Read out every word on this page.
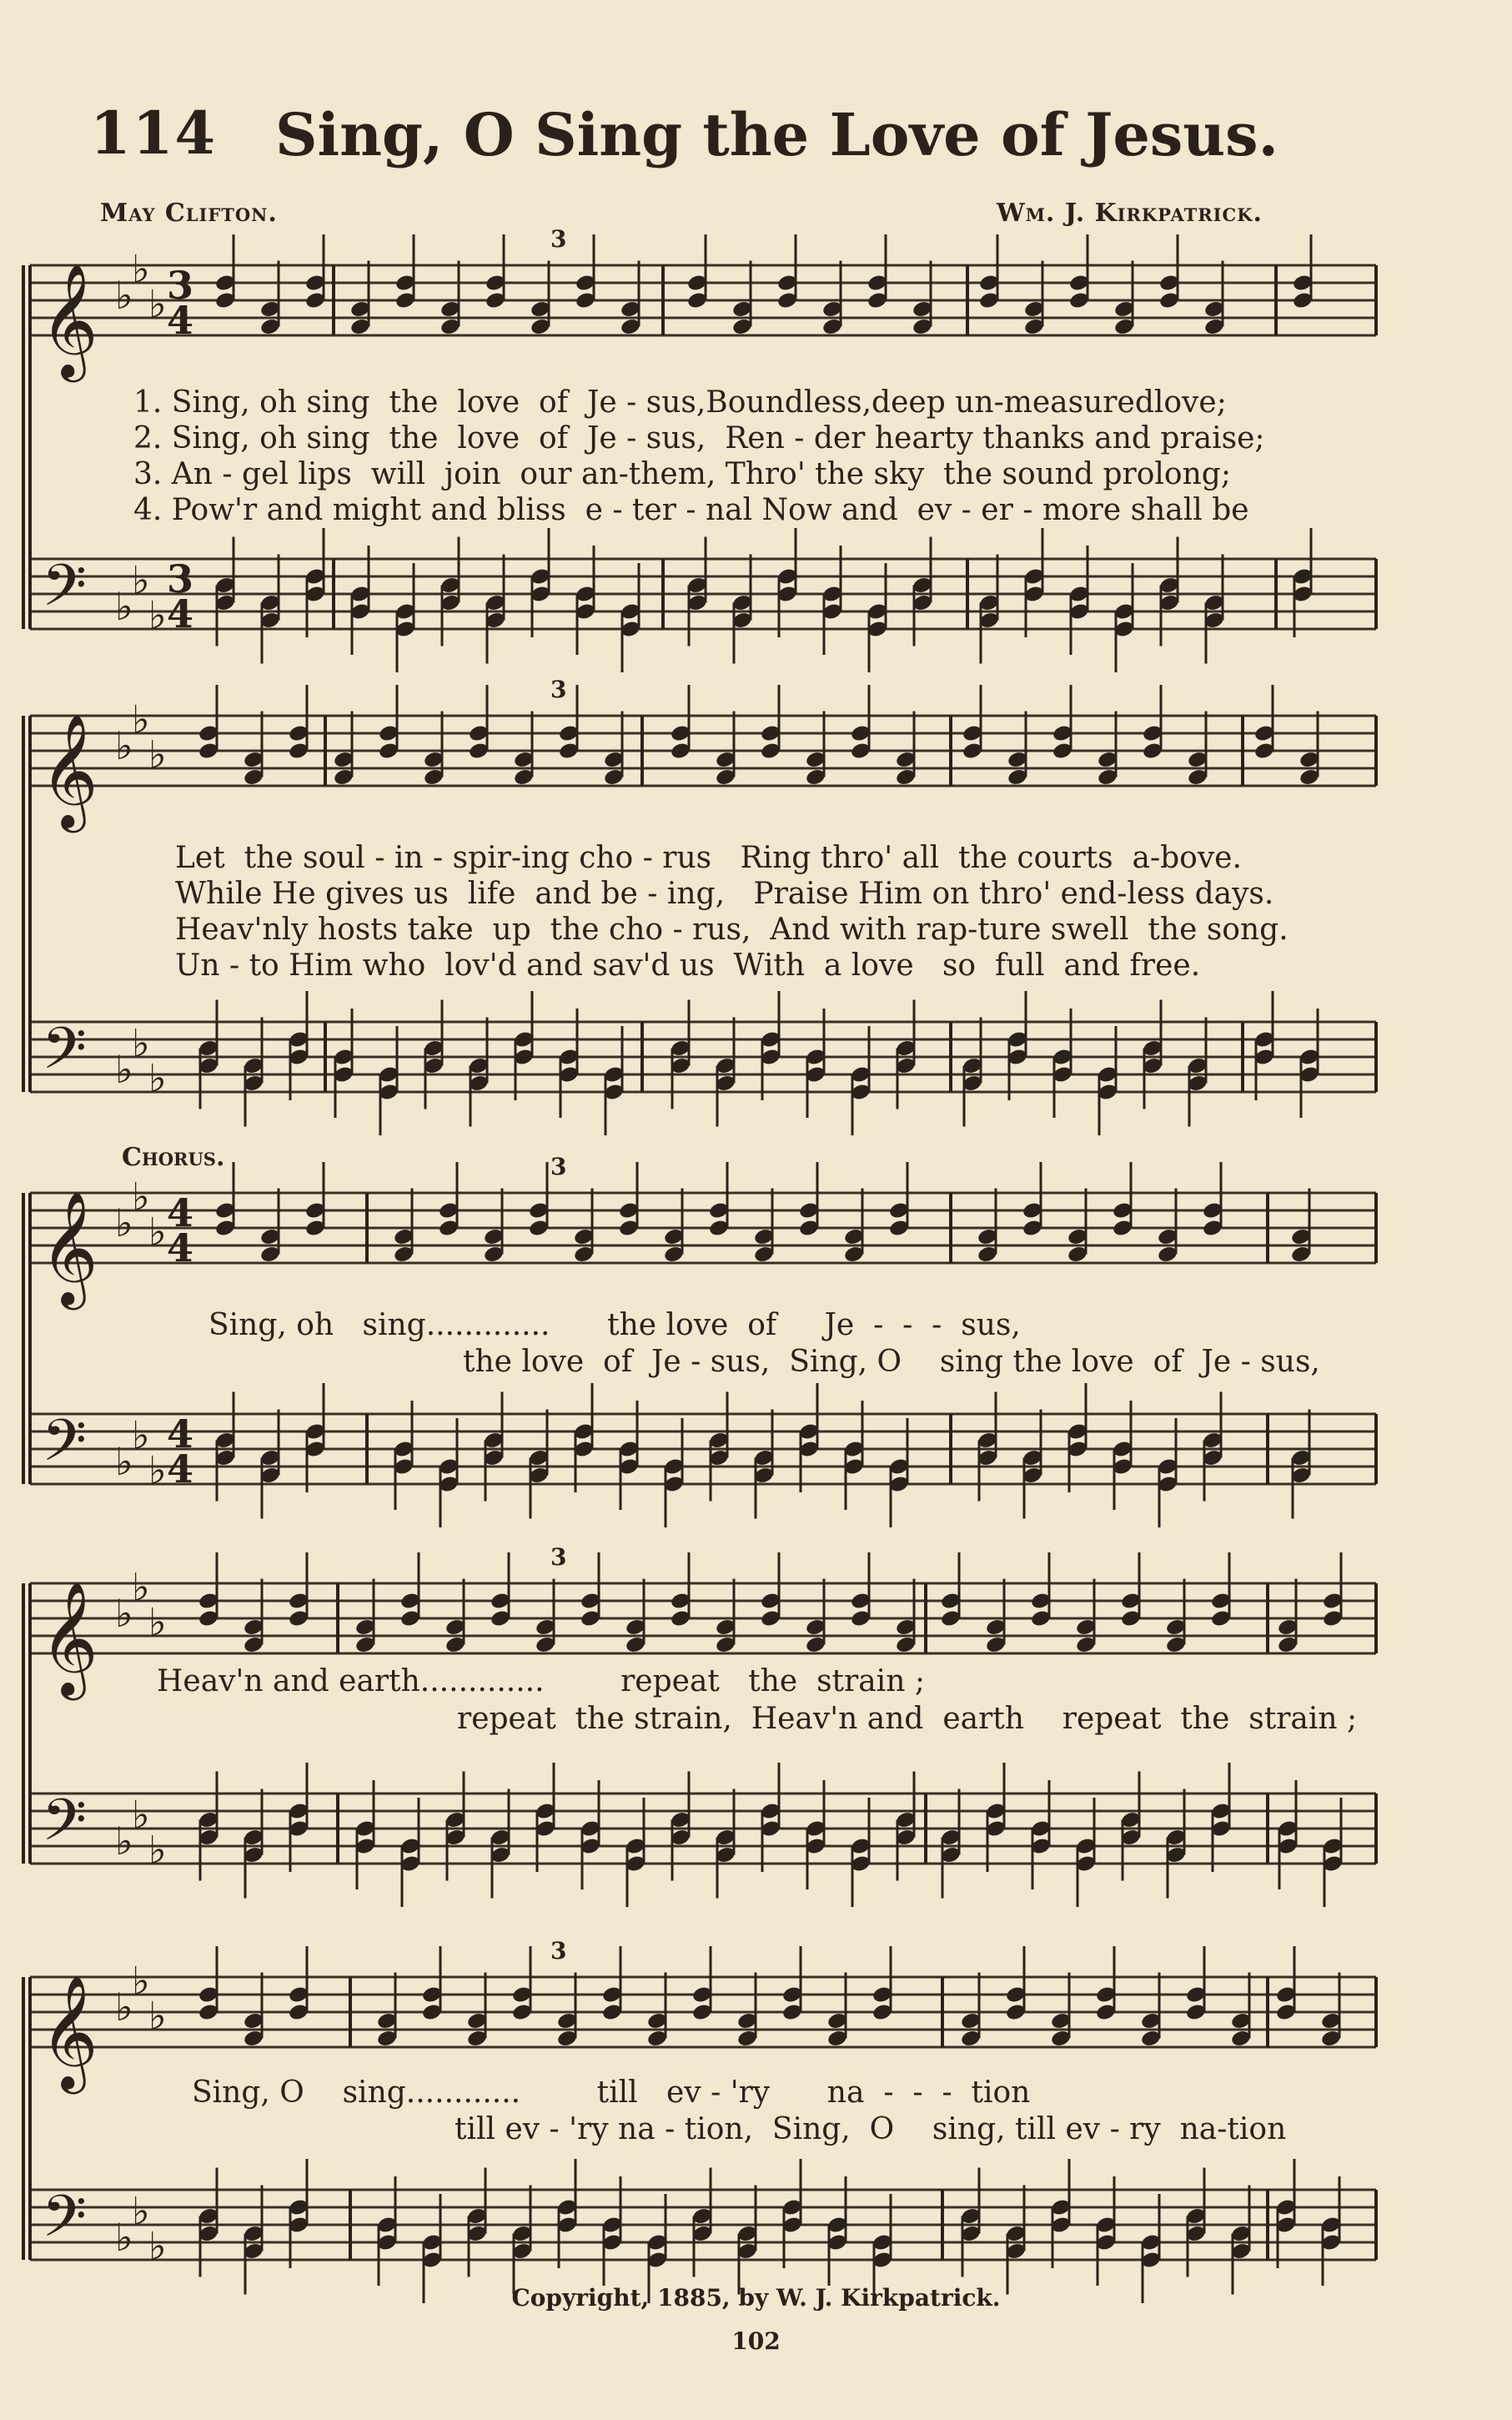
114 Sing, O Sing the Love of Jesus.
May Clifton.	Wm. J. Kirkpatrick.
𝄞
𝄢
♭
♭
♭
♭
♭
♭
3
4
3
4
3
𝄞
𝄢
♭
♭
♭
♭
♭
♭
3
𝄞
𝄢
♭
♭
♭
♭
♭
♭
4
4
4
4
3
𝄞
𝄢
♭
♭
♭
♭
♭
♭
3
𝄞
𝄢
♭
♭
♭
♭
♭
♭
3
1. Sing, oh sing  the  love  of  Je - sus,Boundless,deep un-measuredlove;
2. Sing, oh sing  the  love  of  Je - sus,  Ren - der hearty thanks and praise;
3. An - gel lips  will  join  our an-them, Thro' the sky  the sound prolong;
4. Pow'r and might and bliss  e - ter - nal Now and  ev - er - more shall be
Let  the soul - in - spir-ing cho - rus   Ring thro' all  the courts  a-bove.
While He gives us  life  and be - ing,   Praise Him on thro' end-less days.
Heav'nly hosts take  up  the cho - rus,  And with rap-ture swell  the song.
Un - to Him who  lov'd and sav'd us  With  a love   so  full  and free.
Chorus.
Sing, oh   sing.............      the love  of     Je  -  -  -  sus,
the love  of  Je - sus,  Sing, O    sing the love  of  Je - sus,
Heav'n and earth.............        repeat   the  strain ;
repeat  the strain,  Heav'n and  earth    repeat  the  strain ;
Sing, O    sing............        till   ev - 'ry      na  -  -  -  tion
till ev - 'ry na - tion,  Sing,  O    sing, till ev - ry  na-tion
Copyright, 1885, by W. J. Kirkpatrick.
102
